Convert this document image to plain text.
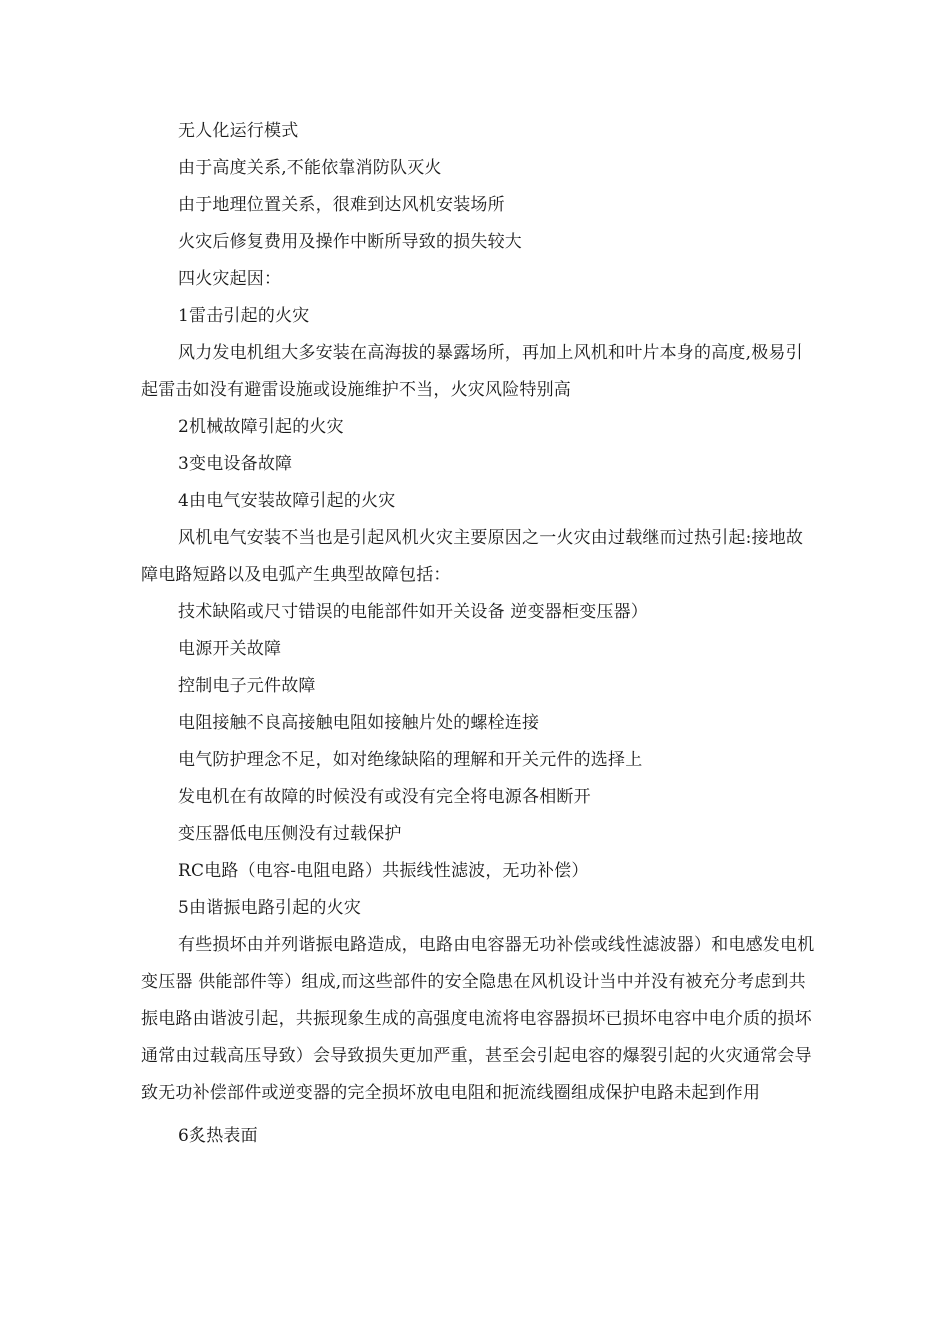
无人化运行模式

由于高度关系,不能依靠消防队灭火

由于地理位置关系，很难到达风机安装场所

火灾后修复费用及操作中断所导致的损失较大

四火灾起因：

1雷击引起的火灾

风力发电机组大多安装在高海拔的暴露场所，再加上风机和叶片本身的高度,极易引起雷击如没有避雷设施或设施维护不当，火灾风险特别高

2机械故障引起的火灾

3变电设备故障

4由电气安装故障引起的火灾

风机电气安装不当也是引起风机火灾主要原因之一火灾由过载继而过热引起:接地故障电路短路以及电弧产生典型故障包括：

技术缺陷或尺寸错误的电能部件如开关设备 逆变器柜变压器）

电源开关故障

控制电子元件故障

电阻接触不良高接触电阻如接触片处的螺栓连接

电气防护理念不足，如对绝缘缺陷的理解和开关元件的选择上

发电机在有故障的时候没有或没有完全将电源各相断开

变压器低电压侧没有过载保护

RC电路（电容-电阻电路）共振线性滤波，无功补偿）

5由谐振电路引起的火灾

有些损坏由并列谐振电路造成，电路由电容器无功补偿或线性滤波器）和电感发电机 变压器 供能部件等）组成,而这些部件的安全隐患在风机设计当中并没有被充分考虑到共振电路由谐波引起，共振现象生成的高强度电流将电容器损坏已损坏电容中电介质的损坏通常由过载高压导致）会导致损失更加严重，甚至会引起电容的爆裂引起的火灾通常会导致无功补偿部件或逆变器的完全损坏放电电阻和扼流线圈组成保护电路未起到作用

6炙热表面
